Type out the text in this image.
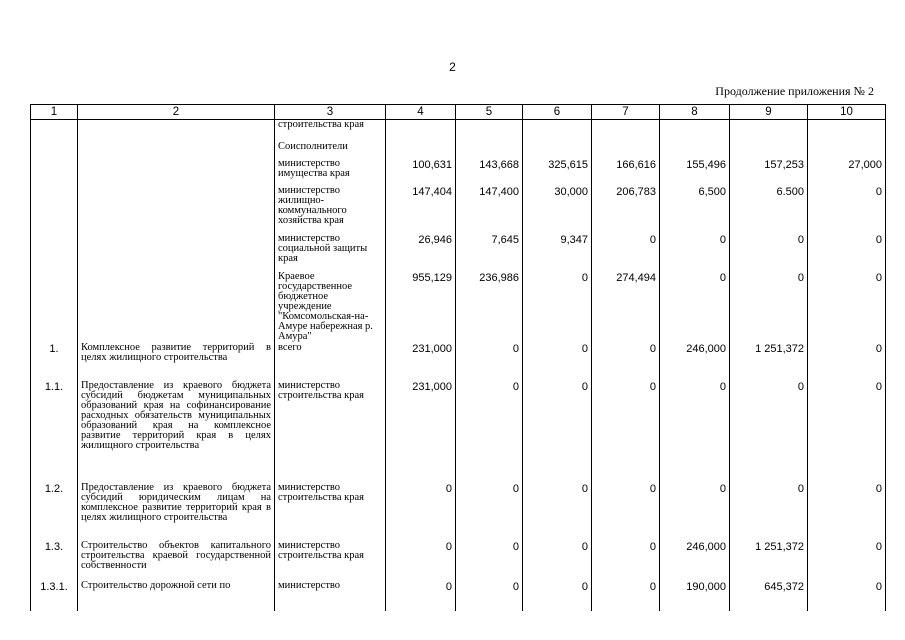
2
Продолжение приложения № 2
1	2	3	4	5	6	7	8	9	10
		строительства края							
		Соисполнители							
		министерство имущества края	100,631	143,668	325,615	166,616	155,496	157,253	27,000
		министерство жилищно-коммунального хозяйства края	147,404	147,400	30,000	206,783	6,500	6.500	0
		министерство социальной защиты края	26,946	7,645	9,347	0	0	0	0
		Краевое государственное бюджетное учреждение "Комсомольская-на-Амуре набережная р. Амура"	955,129	236,986	0	274,494	0	0	0
1.	Комплексное развитие территорий в целях жилищного строительства	всего	231,000	0	0	0	246,000	1 251,372	0
1.1.	Предоставление из краевого бюджета субсидий бюджетам муниципальных образований края на софинансирование расходных обязательств муниципальных образований края на комплексное развитие территорий края в целях жилищного строительства	министерство строительства края	231,000	0	0	0	0	0	0
1.2.	Предоставление из краевого бюджета субсидий юридическим лицам на комплексное развитие территорий края в целях жилищного строительства	министерство строительства края	0	0	0	0	0	0	0
1.3.	Строительство объектов капитального строительства краевой государственной собственности	министерство строительства края	0	0	0	0	246,000	1 251,372	0
1.3.1.	Строительство дорожной сети по	министерство	0	0	0	0	190,000	645,372	0
